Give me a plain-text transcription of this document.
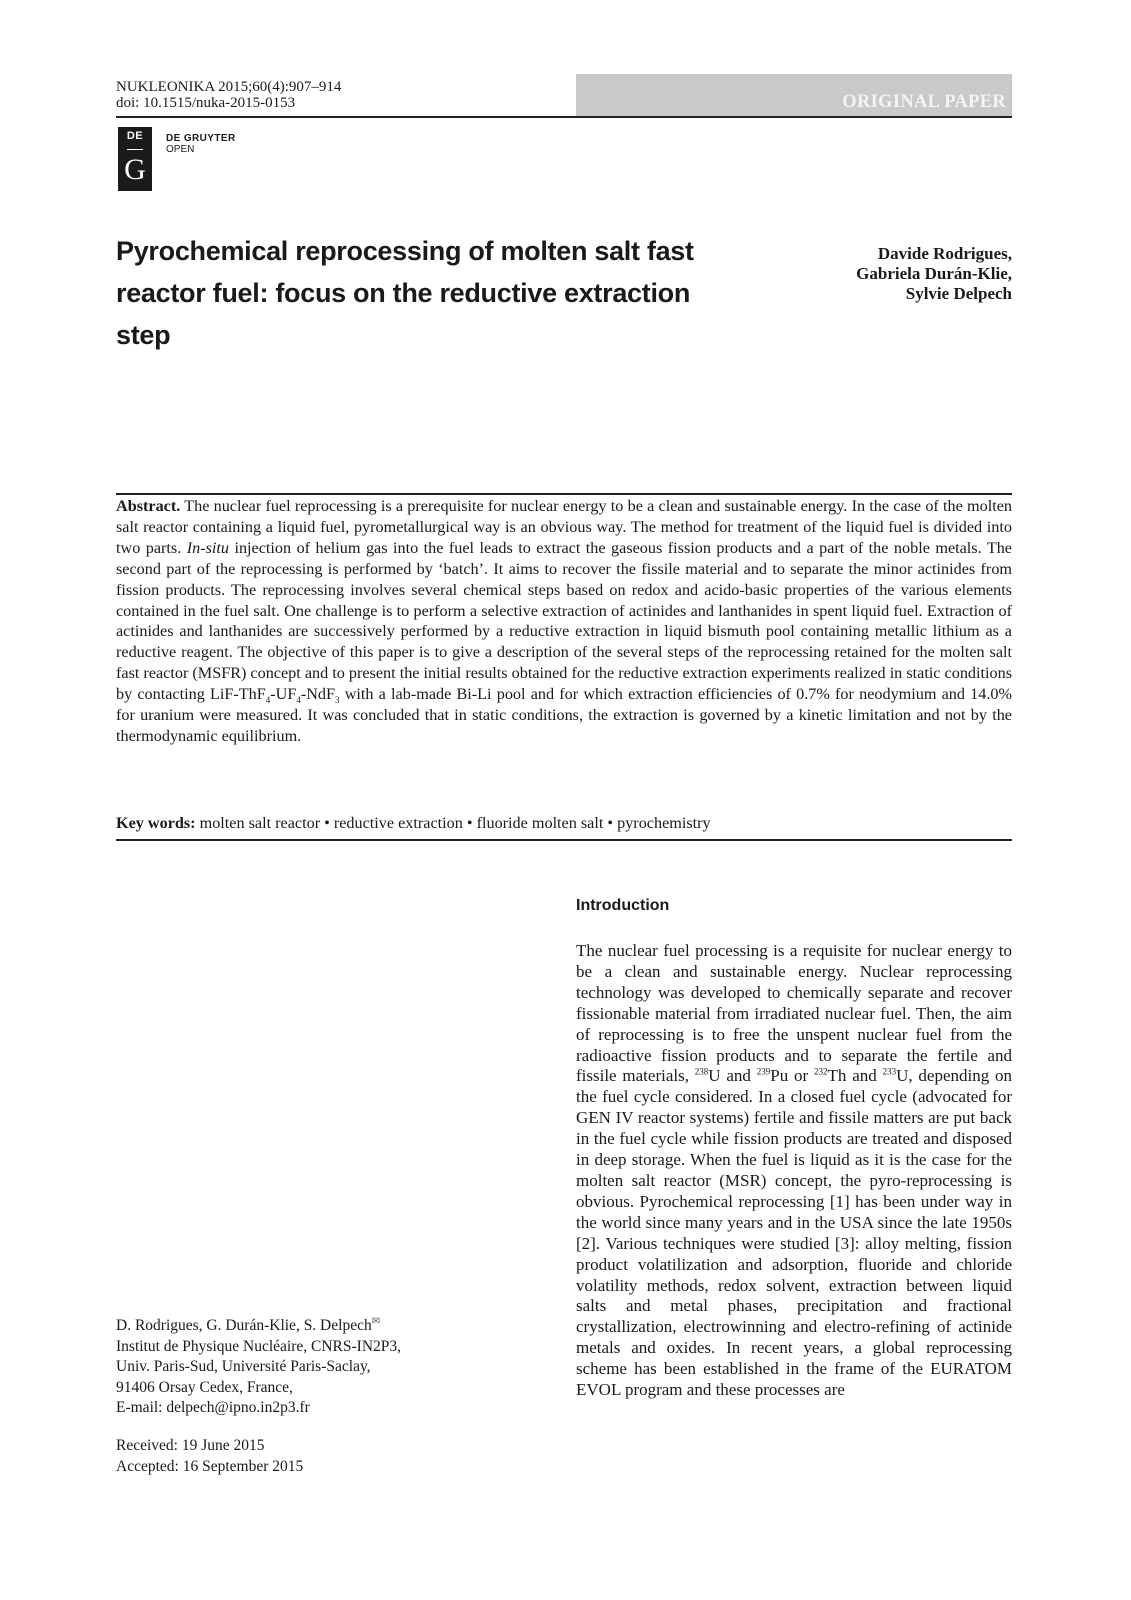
NUKLEONIKA 2015;60(4):907–914
doi: 10.1515/nuka-2015-0153	ORIGINAL PAPER
DE
G
DE GRUYTER
OPEN
Pyrochemical reprocessing of molten salt fast reactor fuel: focus on the reductive extraction step
Davide Rodrigues,
Gabriela Durán-Klie,
Sylvie Delpech
Abstract. The nuclear fuel reprocessing is a prerequisite for nuclear energy to be a clean and sustainable energy. In the case of the molten salt reactor containing a liquid fuel, pyrometallurgical way is an obvious way. The method for treatment of the liquid fuel is divided into two parts. In-situ injection of helium gas into the fuel leads to extract the gaseous fission products and a part of the noble metals. The second part of the reprocessing is performed by ‘batch’. It aims to recover the fissile material and to separate the minor actinides from fission products. The reprocessing involves several chemical steps based on redox and acido-basic properties of the various elements contained in the fuel salt. One challenge is to perform a selective extraction of actinides and lanthanides in spent liquid fuel. Extraction of actinides and lanthanides are successively performed by a reductive extraction in liquid bismuth pool containing metallic lithium as a reductive reagent. The objective of this paper is to give a description of the several steps of the reprocessing retained for the molten salt fast reactor (MSFR) concept and to present the initial results obtained for the reductive extraction experiments realized in static conditions by contacting LiF-$ThF_4-UF_4-NdF_3$ with a lab-made Bi-Li pool and for which extraction efficiencies of 0.7% for neodymium and 14.0% for uranium were measured. It was concluded that in static conditions, the extraction is governed by a kinetic limitation and not by the thermodynamic equilibrium.
Key words: molten salt reactor • reductive extraction • fluoride molten salt • pyrochemistry
Introduction
The nuclear fuel processing is a requisite for nuclear energy to be a clean and sustainable energy. Nuclear reprocessing technology was developed to chemically separate and recover fissionable material from irradiated nuclear fuel. Then, the aim of reprocessing is to free the unspent nuclear fuel from the radioactive fission products and to separate the fertile and fissile materials, $^{238}$U and $^{239}$Pu or $^{232}$Th and $^{233}$U, depending on the fuel cycle considered. In a closed fuel cycle (advocated for GEN IV reactor systems) fertile and fissile matters are put back in the fuel cycle while fission products are treated and disposed in deep storage. When the fuel is liquid as it is the case for the molten salt reactor (MSR) concept, the pyro-reprocessing is obvious. Pyrochemical reprocessing [1] has been under way in the world since many years and in the USA since the late 1950s [2]. Various techniques were studied [3]: alloy melting, fission product volatilization and adsorption, fluoride and chloride volatility methods, redox solvent, extraction between liquid salts and metal phases, precipitation and fractional crystallization, electrowinning and electro-refining of actinide metals and oxides. In recent years, a global reprocessing scheme has been established in the frame of the EURATOM EVOL program and these processes are
D. Rodrigues, G. Durán-Klie, S. Delpech✉
Institut de Physique Nucléaire, CNRS-IN2P3,
Univ. Paris-Sud, Université Paris-Saclay,
91406 Orsay Cedex, France,
E-mail: delpech@ipno.in2p3.fr
Received: 19 June 2015
Accepted: 16 September 2015
